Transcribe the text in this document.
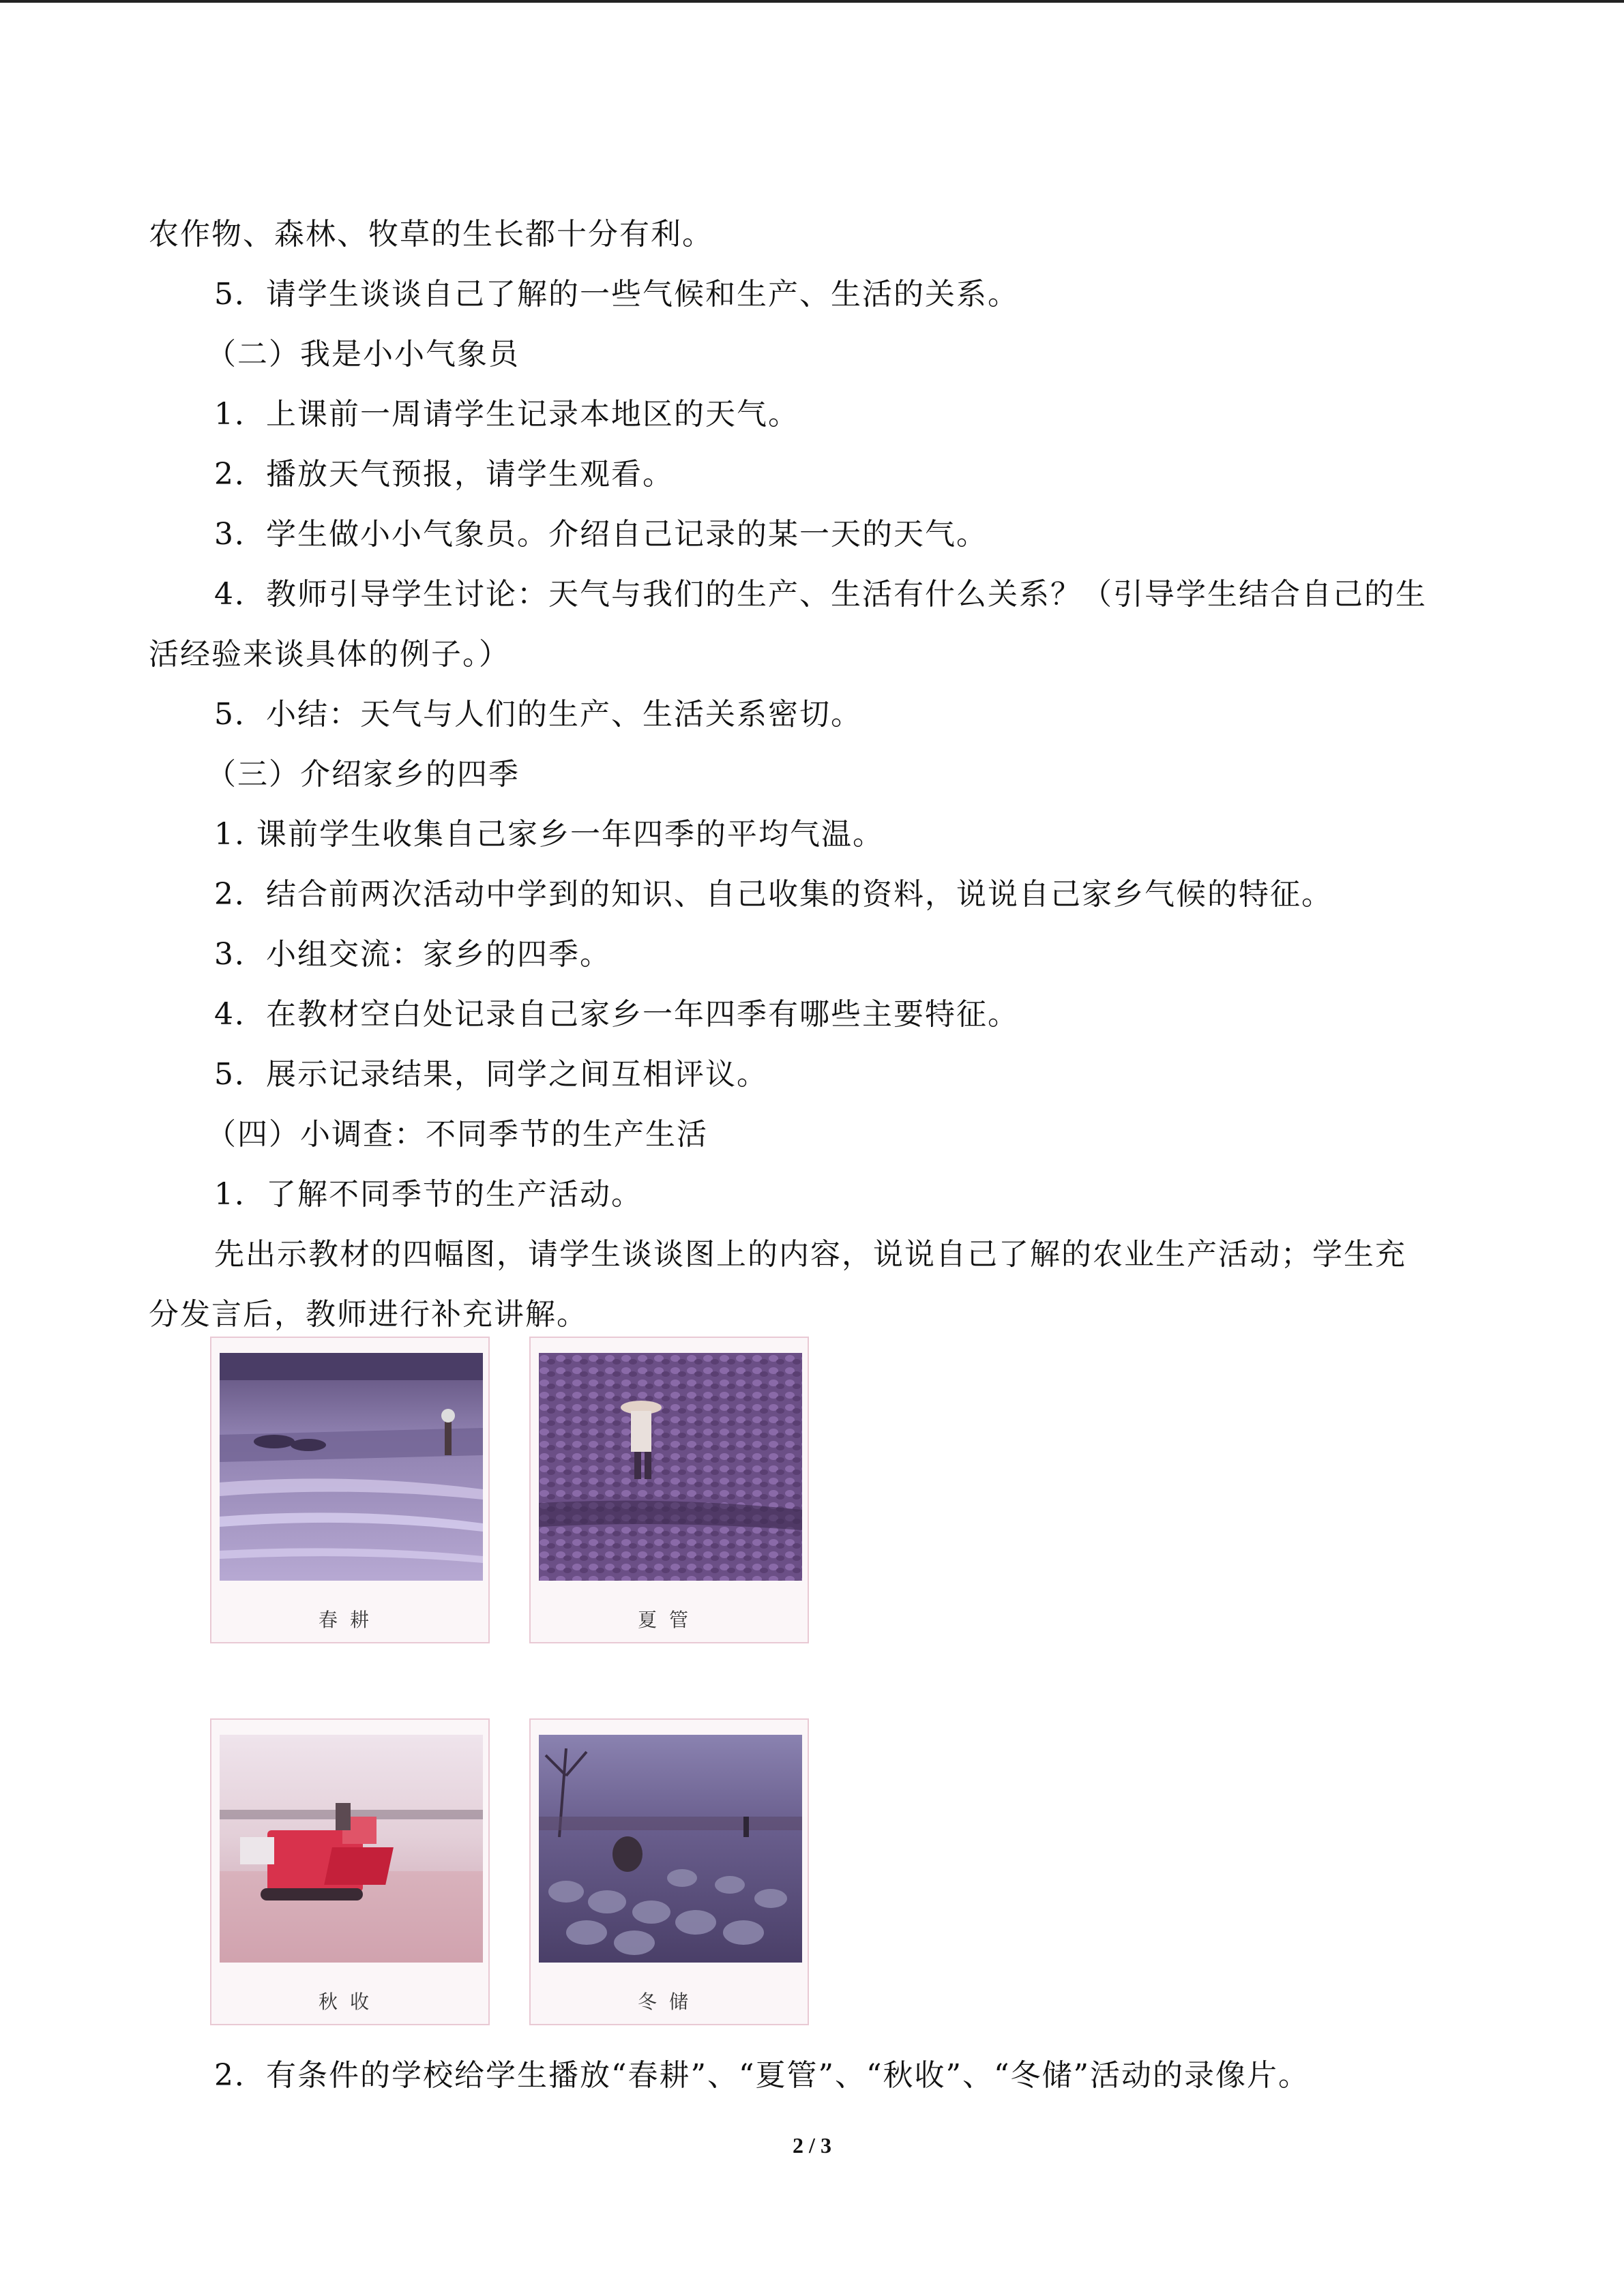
农作物、森林、牧草的生长都十分有利。
5．请学生谈谈自己了解的一些气候和生产、生活的关系。
（二）我是小小气象员
1．上课前一周请学生记录本地区的天气。
2．播放天气预报，请学生观看。
3．学生做小小气象员。介绍自己记录的某一天的天气。
4．教师引导学生讨论：天气与我们的生产、生活有什么关系？（引导学生结合自己的生
活经验来谈具体的例子。）
5．小结：天气与人们的生产、生活关系密切。
（三）介绍家乡的四季
1. 课前学生收集自己家乡一年四季的平均气温。
2．结合前两次活动中学到的知识、自己收集的资料，说说自己家乡气候的特征。
3．小组交流：家乡的四季。
4．在教材空白处记录自己家乡一年四季有哪些主要特征。
5．展示记录结果，同学之间互相评议。
（四）小调查：不同季节的生产生活
1．了解不同季节的生产活动。
先出示教材的四幅图，请学生谈谈图上的内容，说说自己了解的农业生产活动；学生充
分发言后，教师进行补充讲解。
春耕	夏管
秋收	冬储
2．有条件的学校给学生播放“春耕”、“夏管”、“秋收”、“冬储”活动的录像片。
2 / 3
